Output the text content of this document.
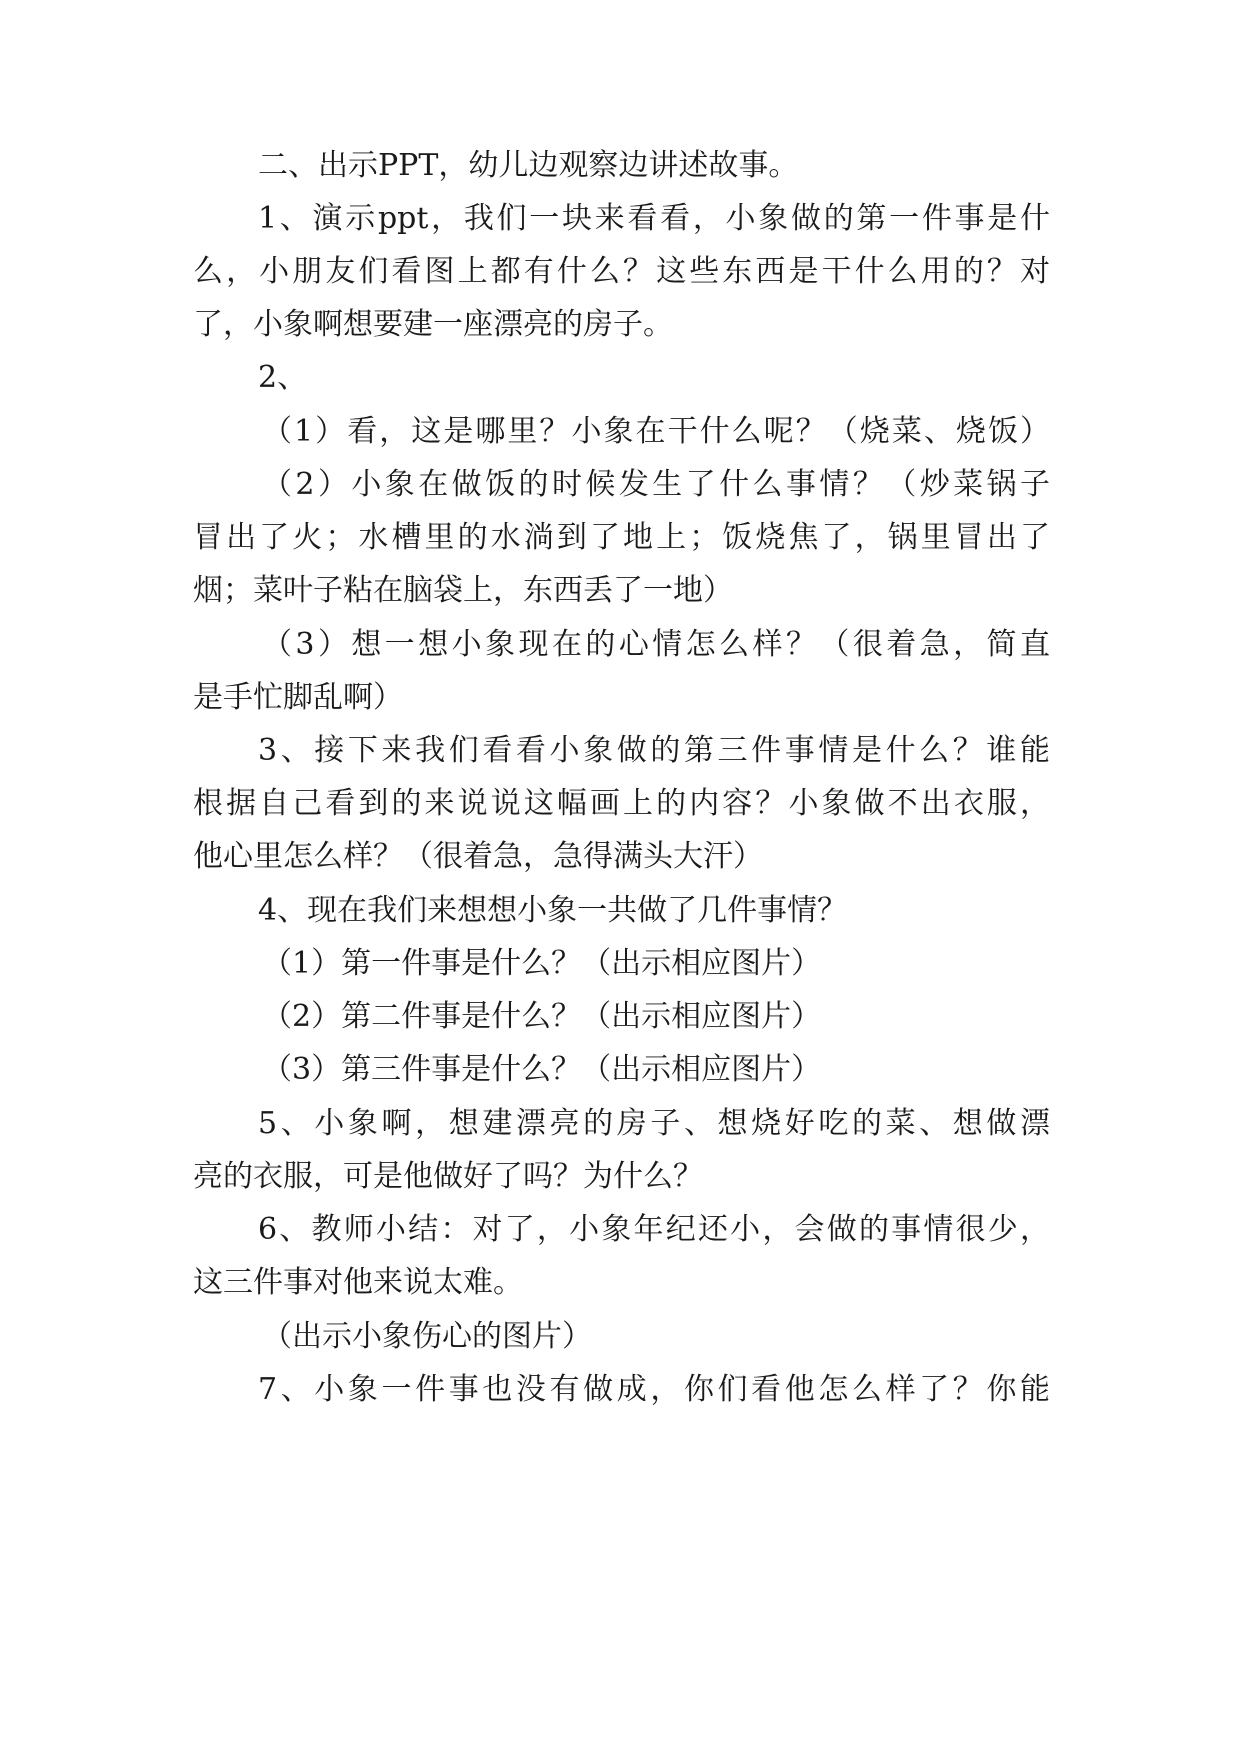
二、出示PPT，幼儿边观察边讲述故事。

1、演示ppt，我们一块来看看，小象做的第一件事是什

么，小朋友们看图上都有什么？这些东西是干什么用的？对

了，小象啊想要建一座漂亮的房子。

2、

（1）看，这是哪里？小象在干什么呢？（烧菜、烧饭）

（2）小象在做饭的时候发生了什么事情？（炒菜锅子

冒出了火；水槽里的水淌到了地上；饭烧焦了，锅里冒出了

烟；菜叶子粘在脑袋上，东西丢了一地）

（3）想一想小象现在的心情怎么样？（很着急，简直

是手忙脚乱啊）

3、接下来我们看看小象做的第三件事情是什么？谁能

根据自己看到的来说说这幅画上的内容？小象做不出衣服，

他心里怎么样？（很着急，急得满头大汗）

4、现在我们来想想小象一共做了几件事情？

（1）第一件事是什么？（出示相应图片）

（2）第二件事是什么？（出示相应图片）

（3）第三件事是什么？（出示相应图片）

5、小象啊，想建漂亮的房子、想烧好吃的菜、想做漂

亮的衣服，可是他做好了吗？为什么？

6、教师小结：对了，小象年纪还小，会做的事情很少，

这三件事对他来说太难。

（出示小象伤心的图片）

7、小象一件事也没有做成，你们看他怎么样了？你能
